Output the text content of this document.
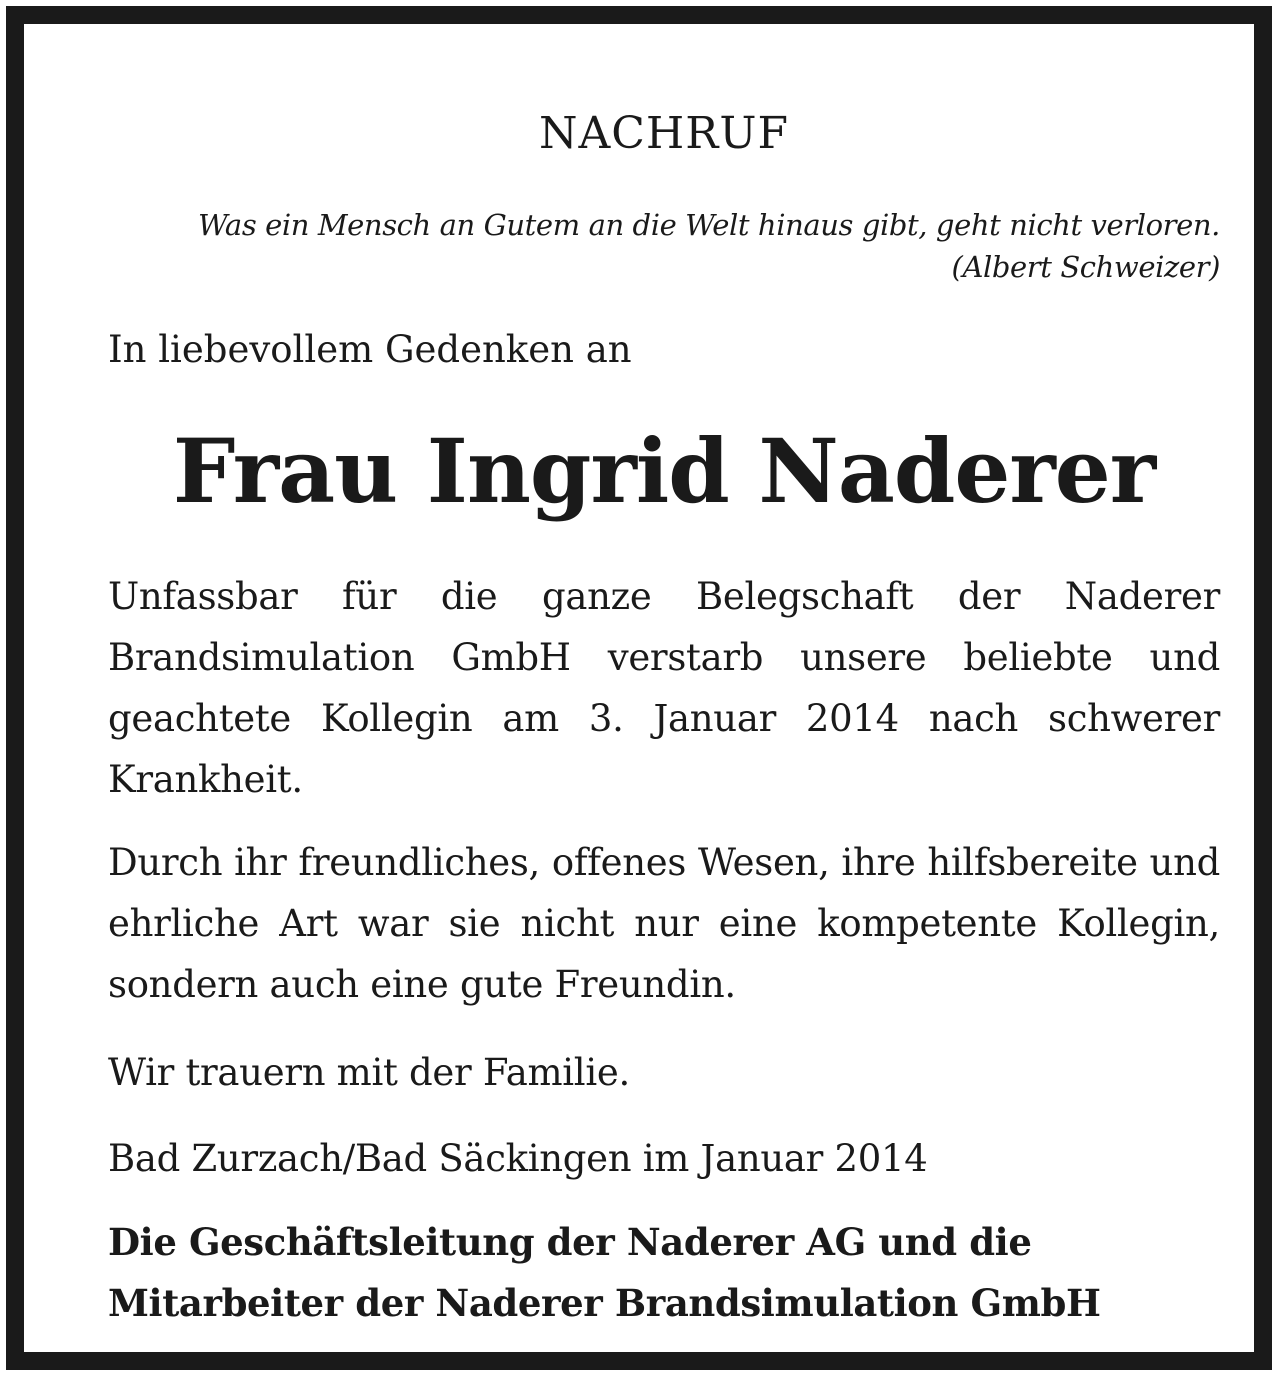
NACHRUF
Was ein Mensch an Gutem an die Welt hinaus gibt, geht nicht verloren.
(Albert Schweizer)
In liebevollem Gedenken an
Frau Ingrid Naderer
Unfassbar für die ganze Belegschaft der Naderer Brandsimulation GmbH verstarb unsere beliebte und geachtete Kollegin am 3. Januar 2014 nach schwerer Krankheit.
Durch ihr freundliches, offenes Wesen, ihre hilfsbereite und ehrliche Art war sie nicht nur eine kompetente Kollegin, sondern auch eine gute Freundin.
Wir trauern mit der Familie.
Bad Zurzach/Bad Säckingen im Januar 2014
Die Geschäftsleitung der Naderer AG und die
Mitarbeiter der Naderer Brandsimulation GmbH
